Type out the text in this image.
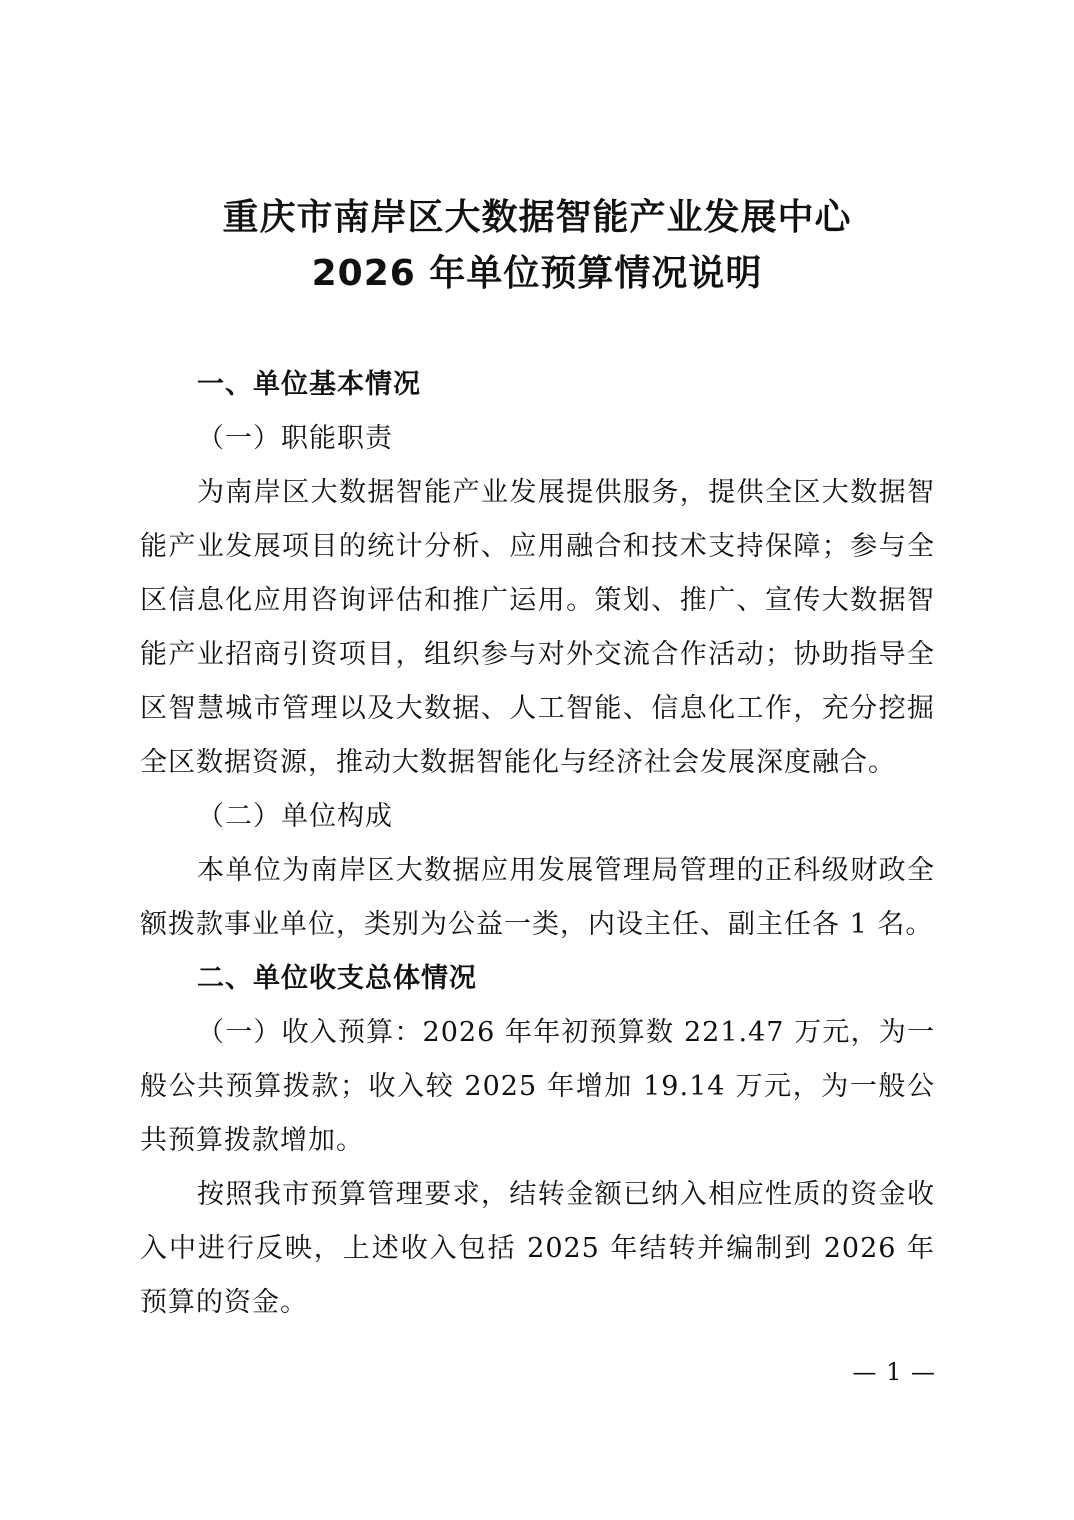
重庆市南岸区大数据智能产业发展中心
2026 年单位预算情况说明

一、单位基本情况

（一）职能职责

为南岸区大数据智能产业发展提供服务，提供全区大数据智能产业发展项目的统计分析、应用融合和技术支持保障；参与全区信息化应用咨询评估和推广运用。策划、推广、宣传大数据智能产业招商引资项目，组织参与对外交流合作活动；协助指导全区智慧城市管理以及大数据、人工智能、信息化工作，充分挖掘全区数据资源，推动大数据智能化与经济社会发展深度融合。

（二）单位构成

本单位为南岸区大数据应用发展管理局管理的正科级财政全额拨款事业单位，类别为公益一类，内设主任、副主任各 1 名。

二、单位收支总体情况

（一）收入预算：2026 年年初预算数 221.47 万元，为一般公共预算拨款；收入较 2025 年增加 19.14 万元，为一般公共预算拨款增加。

按照我市预算管理要求，结转金额已纳入相应性质的资金收入中进行反映，上述收入包括 2025 年结转并编制到 2026 年预算的资金。

— 1 —
